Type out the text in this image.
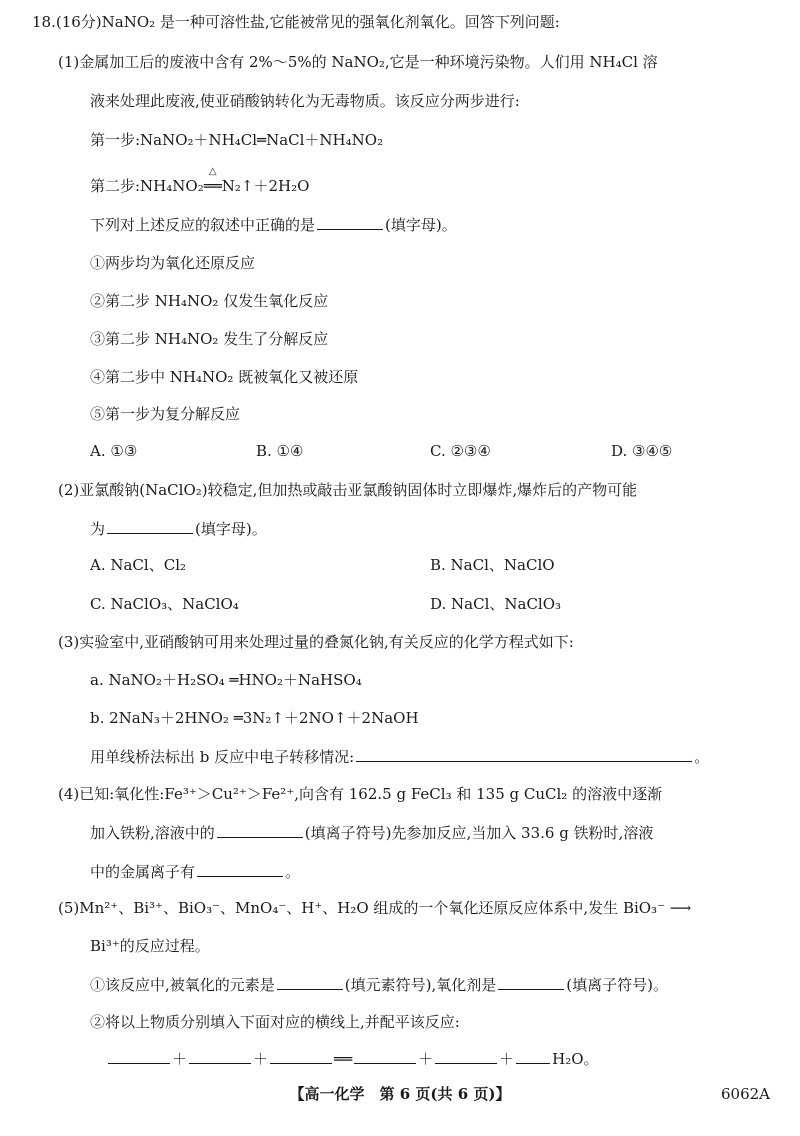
18.(16分)NaNO₂ 是一种可溶性盐,它能被常见的强氧化剂氧化。回答下列问题:
(1)金属加工后的废液中含有 2%～5%的 NaNO₂,它是一种环境污染物。人们用 NH₄Cl 溶
液来处理此废液,使亚硝酸钠转化为无毒物质。该反应分两步进行:
第一步:NaNO₂＋NH₄Cl═NaCl＋NH₄NO₂
第二步:NH₄NO₂
△
══N₂↑＋2H₂O
下列对上述反应的叙述中正确的是	(填字母)。
①两步均为氧化还原反应
②第二步 NH₄NO₂ 仅发生氧化反应
③第二步 NH₄NO₂ 发生了分解反应
④第二步中 NH₄NO₂ 既被氧化又被还原
⑤第一步为复分解反应
A. ①③	B. ①④	C. ②③④	D. ③④⑤
(2)亚氯酸钠(NaClO₂)较稳定,但加热或敲击亚氯酸钠固体时立即爆炸,爆炸后的产物可能
为	(填字母)。
A. NaCl、Cl₂	B. NaCl、NaClO
C. NaClO₃、NaClO₄	D. NaCl、NaClO₃
(3)实验室中,亚硝酸钠可用来处理过量的叠氮化钠,有关反应的化学方程式如下:
a. NaNO₂＋H₂SO₄ ═HNO₂＋NaHSO₄
b. 2NaN₃＋2HNO₂ ═3N₂↑＋2NO↑＋2NaOH
用单线桥法标出 b 反应中电子转移情况:	。
(4)已知:氧化性:Fe³⁺＞Cu²⁺＞Fe²⁺,向含有 162.5 g FeCl₃ 和 135 g CuCl₂ 的溶液中逐渐
加入铁粉,溶液中的	(填离子符号)先参加反应,当加入 33.6 g 铁粉时,溶液
中的金属离子有	。
(5)Mn²⁺、Bi³⁺、BiO₃⁻、MnO₄⁻、H⁺、H₂O 组成的一个氧化还原反应体系中,发生 BiO₃⁻ ⟶
Bi³⁺的反应过程。
①该反应中,被氧化的元素是	(填元素符号),氧化剂是	(填离子符号)。
②将以上物质分别填入下面对应的横线上,并配平该反应:
＋	＋	══	＋	＋	H₂O。
【高一化学　第 6 页(共 6 页)】	6062A
